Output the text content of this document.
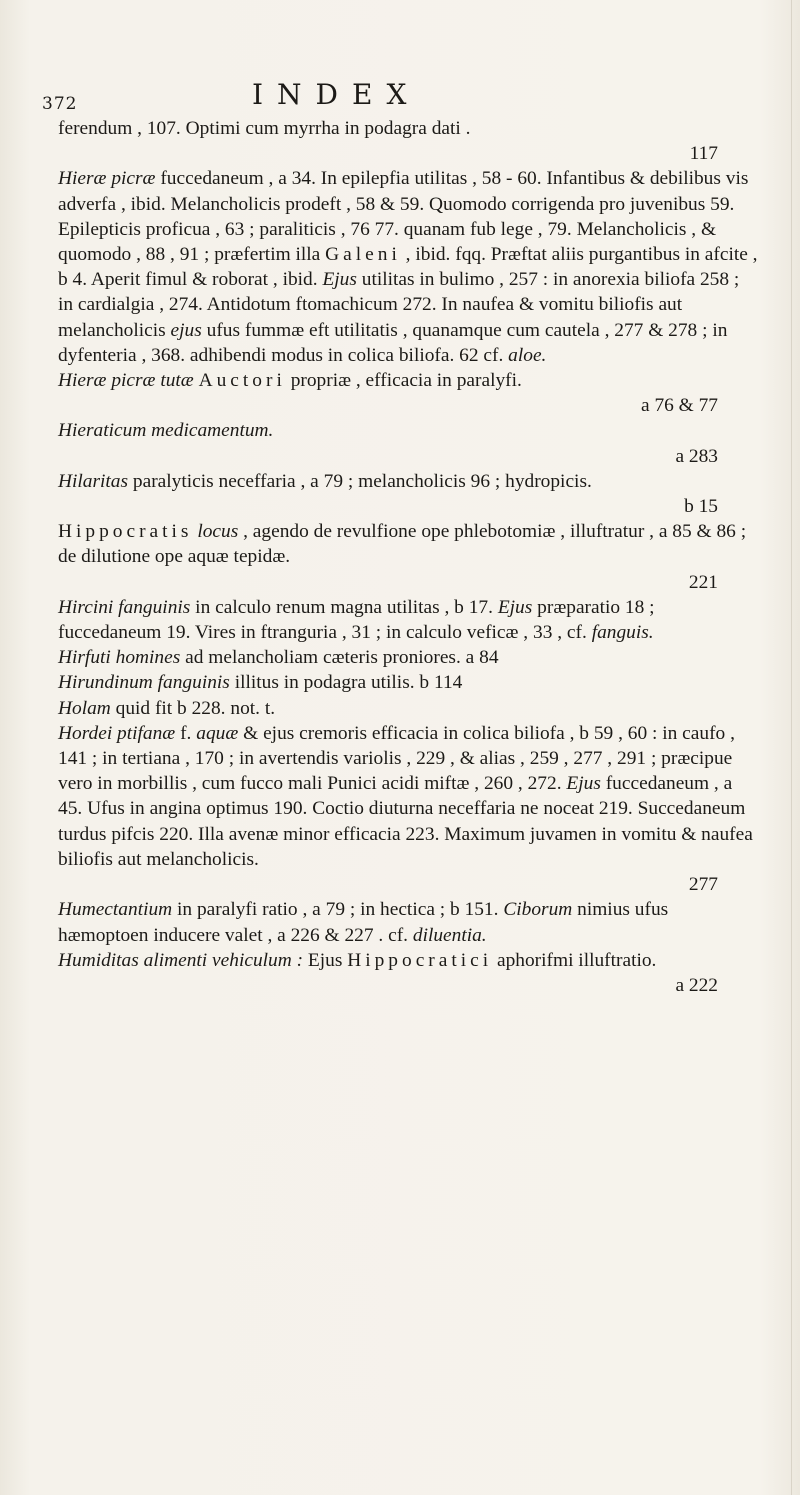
372	INDEX

ferendum , 107. Optimi cum myrrha in podagra dati .
117

Hieræ picræ fuccedaneum , a 34. In epilepfia utilitas , 58 - 60. Infantibus & debilibus vis adverfa , ibid. Melancholicis prodeft , 58 & 59. Quomodo corrigenda pro juvenibus 59. Epilepticis proficua , 63 ; paraliticis , 76 77. quanam fub lege , 79. Melancholicis , & quomodo , 88 , 91 ; præfertim illa Galeni , ibid. fqq. Præftat aliis purgantibus in afcite , b 4. Aperit fimul & roborat , ibid. Ejus utilitas in bulimo , 257 : in anorexia biliofa 258 ; in cardialgia , 274. Antidotum ftomachicum 272. In naufea & vomitu biliofis aut melancholicis ejus ufus fummæ eft utilitatis , quanamque cum cautela , 277 & 278 ; in dyfenteria , 368. adhibendi modus in colica biliofa. 62 cf. aloe.

Hieræ picræ tutæ Auctori propriæ , efficacia in paralyfi.
a 76 & 77

Hieraticum medicamentum.
a 283

Hilaritas paralyticis neceffaria , a 79 ; melancholicis 96 ; hydropicis.
b 15

Hippocratis locus , agendo de revulfione ope phlebotomiæ , illuftratur , a 85 & 86 ; de dilutione ope aquæ tepidæ.
221

Hircini fanguinis in calculo renum magna utilitas , b 17. Ejus præparatio 18 ; fuccedaneum 19. Vires in ftranguria , 31 ; in calculo veficæ , 33 , cf. fanguis.

Hirfuti homines ad melancholiam cæteris proniores. a 84

Hirundinum fanguinis illitus in podagra utilis. b 114

Holam quid fit b 228. not. t.

Hordei ptifanæ f. aquæ & ejus cremoris efficacia in colica biliofa , b 59 , 60 : in caufo , 141 ; in tertiana , 170 ; in avertendis variolis , 229 , & alias , 259 , 277 , 291 ; præcipue vero in morbillis , cum fucco mali Punici acidi miftæ , 260 , 272. Ejus fuccedaneum , a 45. Ufus in angina optimus 190. Coctio diuturna neceffaria ne noceat 219. Succedaneum turdus pifcis 220. Illa avenæ minor efficacia 223. Maximum juvamen in vomitu & naufea biliofis aut melancholicis.
277

Humectantium in paralyfi ratio , a 79 ; in hectica ; b 151. Ciborum nimius ufus hæmoptoen inducere valet , a 226 & 227 . cf. diluentia.

Humiditas alimenti vehiculum : Ejus Hippocratici aphorifmi illuftratio.
a 222
